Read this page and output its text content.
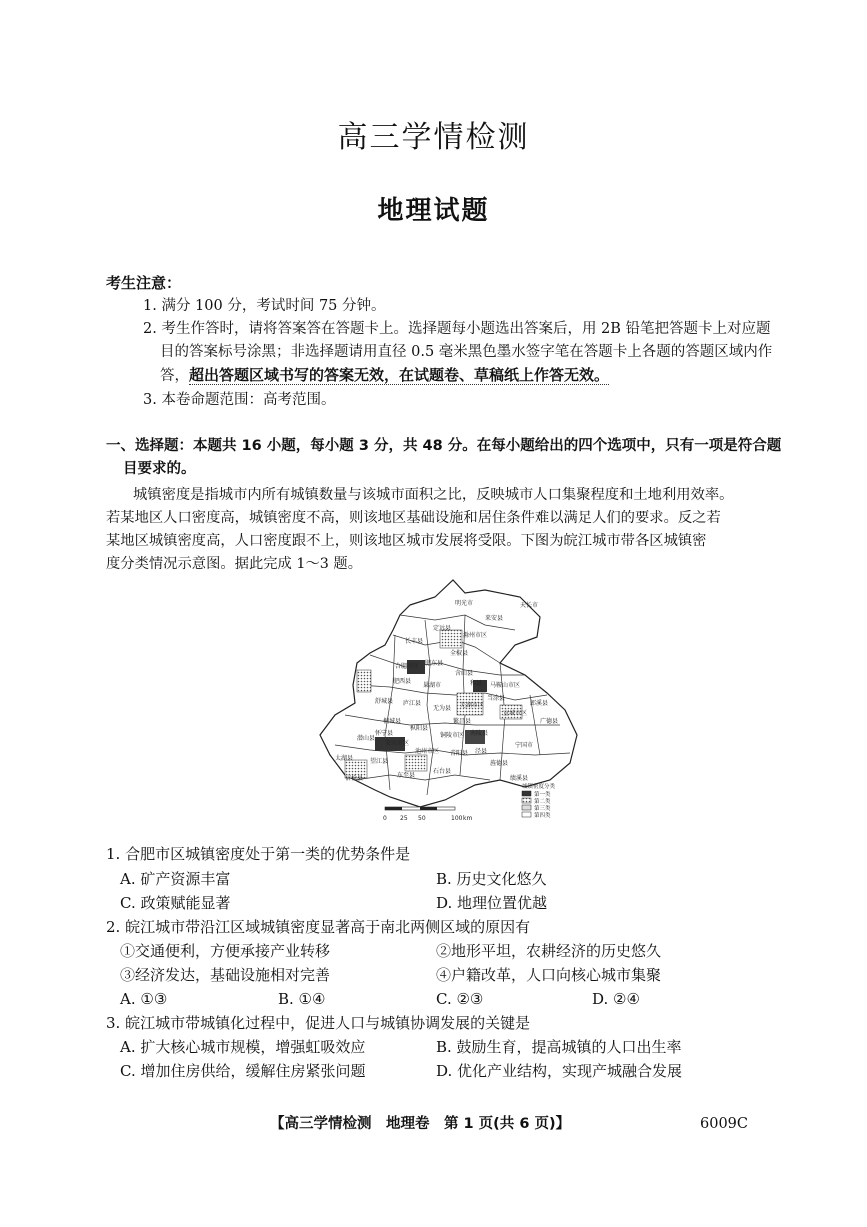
高三学情检测
地理试题
考生注意：
1. 满分 100 分，考试时间 75 分钟。
2. 考生作答时，请将答案答在答题卡上。选择题每小题选出答案后，用 2B 铅笔把答题卡上对应题
目的答案标号涂黑；非选择题请用直径 0.5 毫米黑色墨水签字笔在答题卡上各题的答题区域内作
答，超出答题区域书写的答案无效，在试题卷、草稿纸上作答无效。
3. 本卷命题范围：高考范围。
一、选择题：本题共 16 小题，每小题 3 分，共 48 分。在每小题给出的四个选项中，只有一项是符合题
目要求的。
城镇密度是指城市内所有城镇数量与该城市面积之比，反映城市人口集聚程度和土地利用效率。
若某地区人口密度高，城镇密度不高，则该地区基础设施和居住条件难以满足人们的要求。反之若
某地区城镇密度高，人口密度跟不上，则该地区城市发展将受限。下图为皖江城市带各区城镇密
度分类情况示意图。据此完成 1～3 题。
天长市
明光市
定远县
来安县
滁州市区
全椒县
长丰县
合肥市区 肥东县
肥西县
舒城县
含山县
和县 马鞍山市区
芜湖市区
当涂县
无为县
巢湖市
庐江县
桐城县
枞阳县
安庆市区
怀宁县
潜山县
太湖县
宿松县
望江县
东至县
池州市区
石台县
青阳县
铜陵市区 南陵县
繁昌县
泾县
宣城市区
广德县
宁国市
绩溪县
旌德县
郎溪县
0 25 50	100 km
城镇密度分类
第一类
第二类
第三类
第四类
1. 合肥市区城镇密度处于第一类的优势条件是
A. 矿产资源丰富	B. 历史文化悠久
C. 政策赋能显著	D. 地理位置优越
2. 皖江城市带沿江区域城镇密度显著高于南北两侧区域的原因有
①交通便利，方便承接产业转移	②地形平坦，农耕经济的历史悠久
③经济发达，基础设施相对完善	④户籍改革，人口向核心城市集聚
A. ①③	B. ①④	C. ②③	D. ②④
3. 皖江城市带城镇化过程中，促进人口与城镇协调发展的关键是
A. 扩大核心城市规模，增强虹吸效应	B. 鼓励生育，提高城镇的人口出生率
C. 增加住房供给，缓解住房紧张问题	D. 优化产业结构，实现产城融合发展
【高三学情检测　地理卷　第 1 页(共 6 页)】	6009C
